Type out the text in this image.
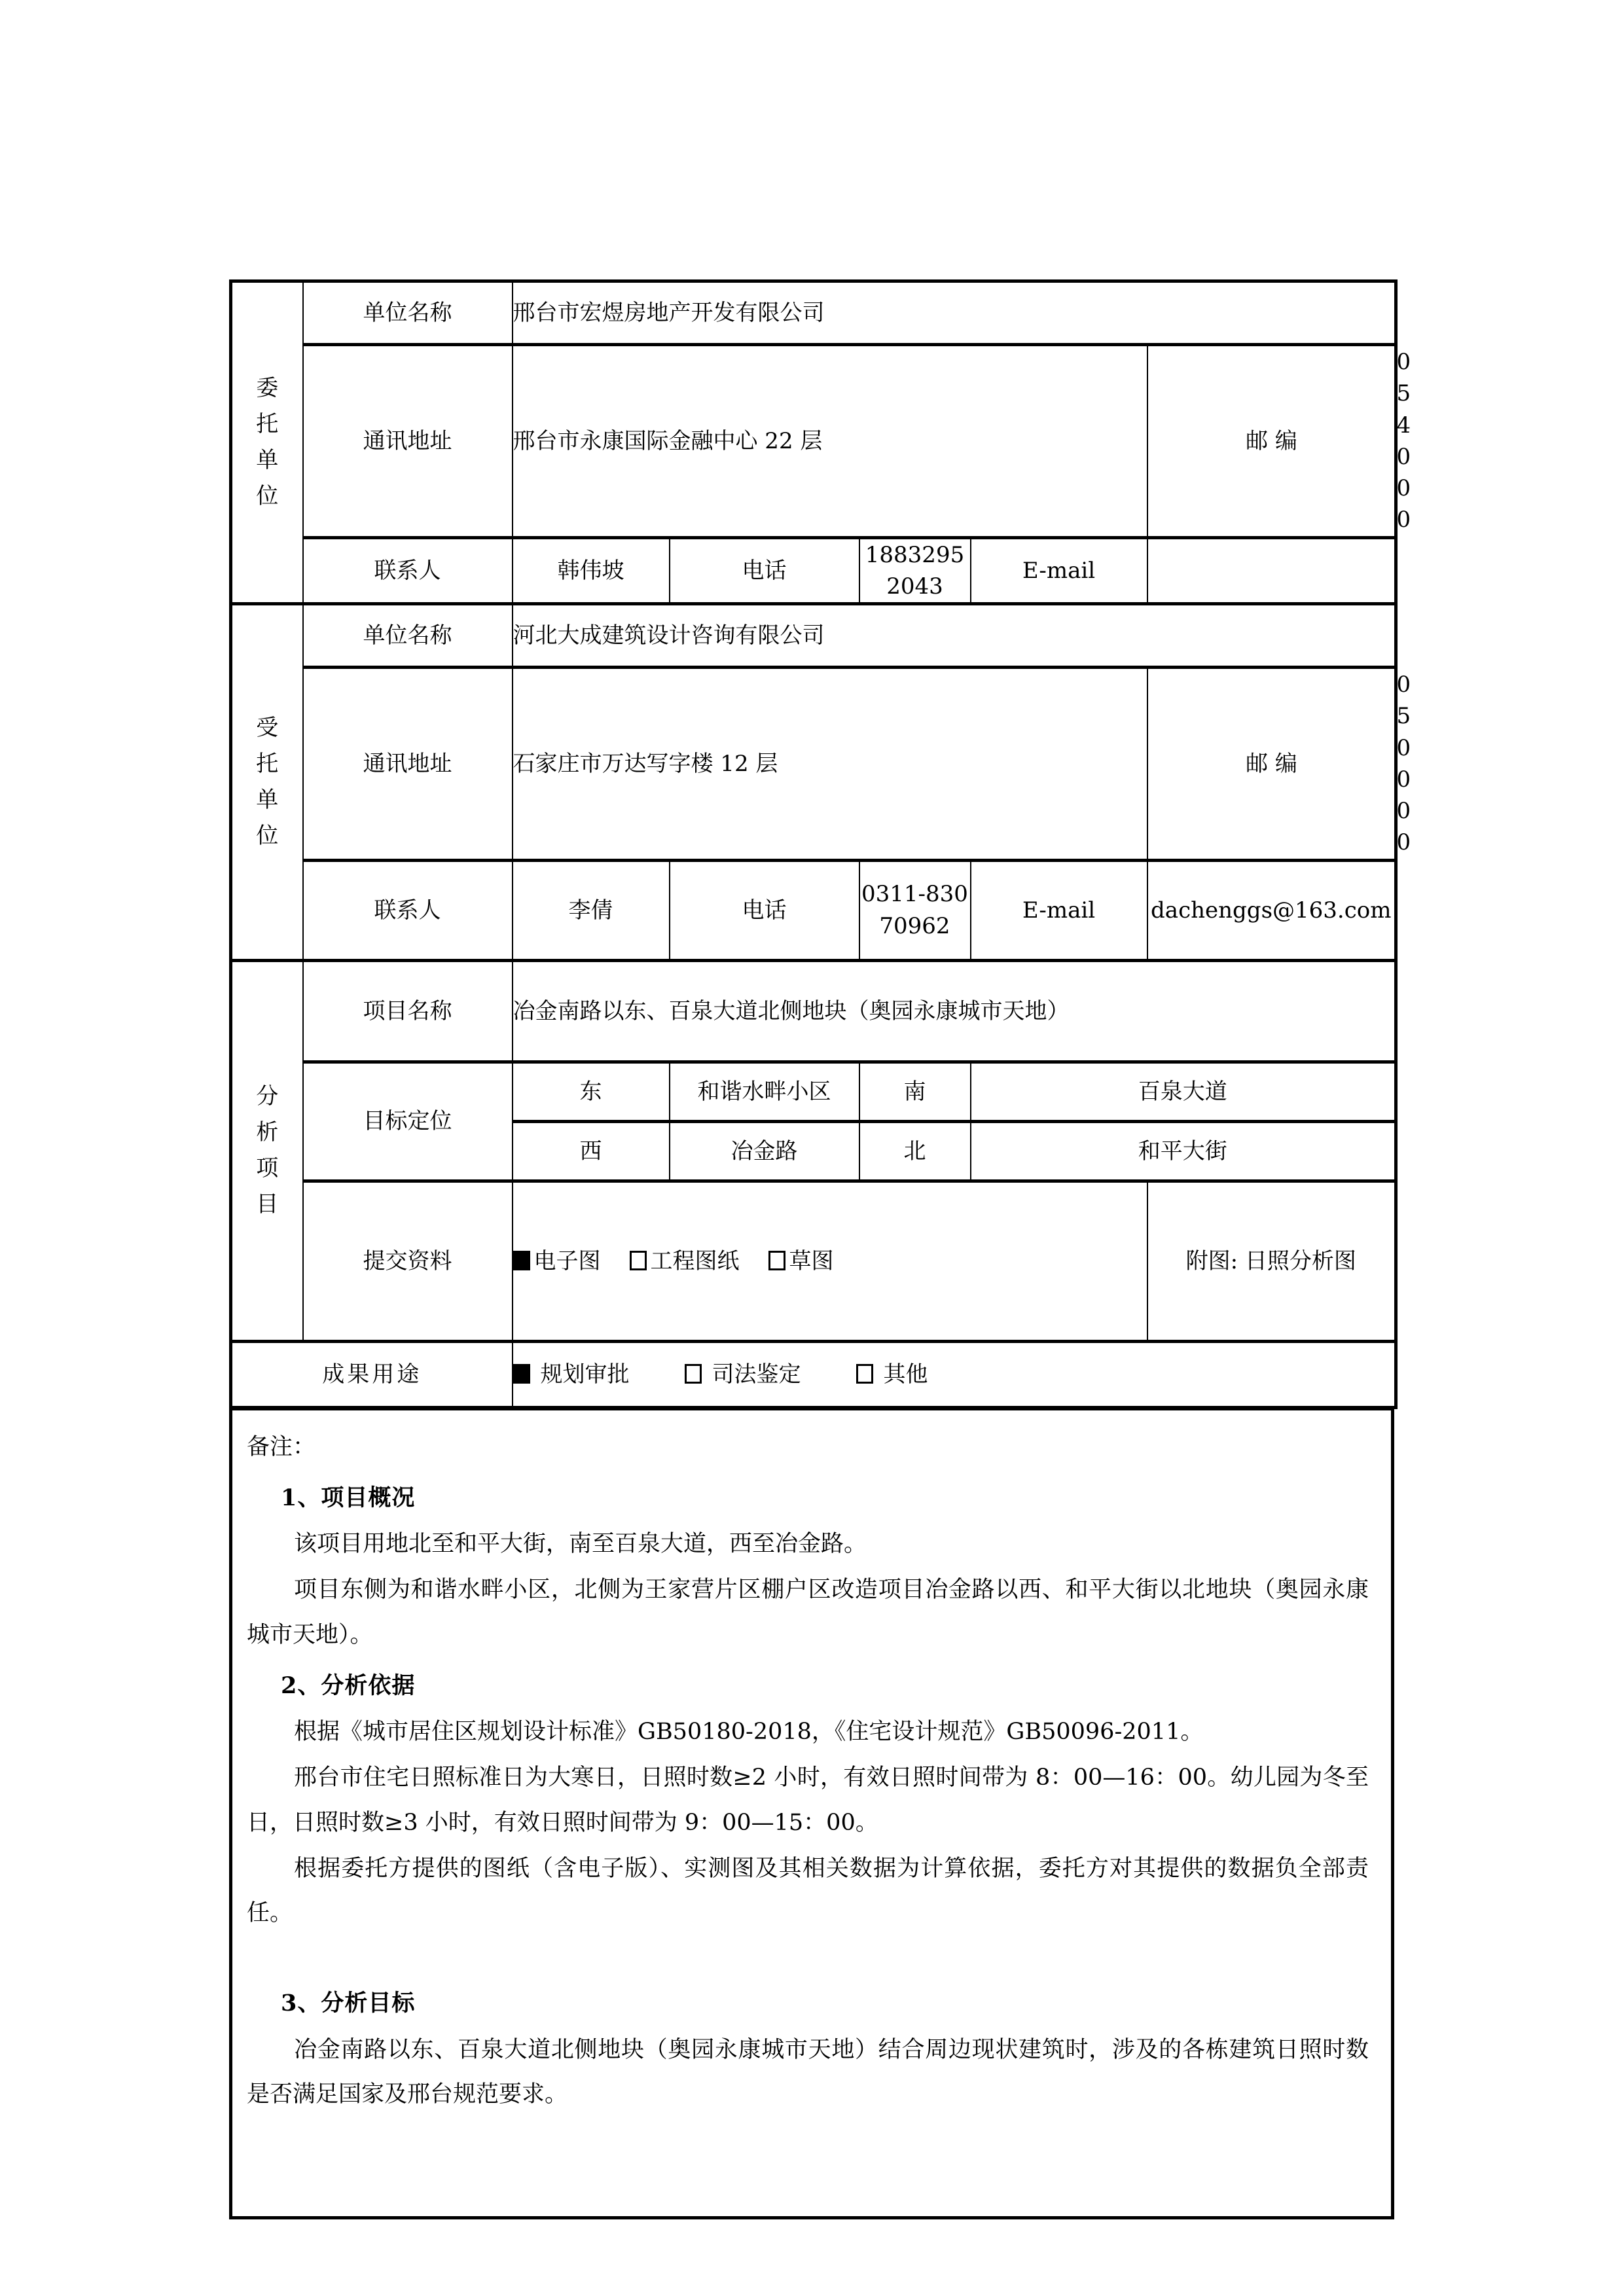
委
托
单
位	单位名称	邢台市宏煜房地产开发有限公司					
	通讯地址	邢台市永康国际金融中心 22 层				邮 编	054000
	联系人	韩伟坡	电话	18832952043	E-mail		

受
托
单
位	单位名称	河北大成建筑设计咨询有限公司					
	通讯地址	石家庄市万达写字楼 12 层				邮 编	050000
	联系人	李倩	电话	0311-83070962	E-mail	dachenggs@163.com	

分
析
项
目	项目名称	冶金南路以东、百泉大道北侧地块（奥园永康城市天地）					
	目标定位	东	和谐水畔小区	南	百泉大道		
		西	冶金路	北	和平大街		
	提交资料	电子图 工程图纸 草图				附图: 日照分析图	
成果用途		规划审批 司法鉴定 其他					
备注：
1、项目概况

该项目用地北至和平大街，南至百泉大道，西至冶金路。

项目东侧为和谐水畔小区，北侧为王家营片区棚户区改造项目冶金路以西、和平大街以北地块（奥园永康城市天地）。

2、分析依据

根据《城市居住区规划设计标准》GB50180-2018，《住宅设计规范》GB50096-2011。

邢台市住宅日照标准日为大寒日，日照时数≥2 小时，有效日照时间带为 8：00—16：00。幼儿园为冬至日，日照时数≥3 小时，有效日照时间带为 9：00—15：00。

根据委托方提供的图纸（含电子版）、实测图及其相关数据为计算依据，委托方对其提供的数据负全部责任。

3、分析目标

冶金南路以东、百泉大道北侧地块（奥园永康城市天地）结合周边现状建筑时，涉及的各栋建筑日照时数是否满足国家及邢台规范要求。
